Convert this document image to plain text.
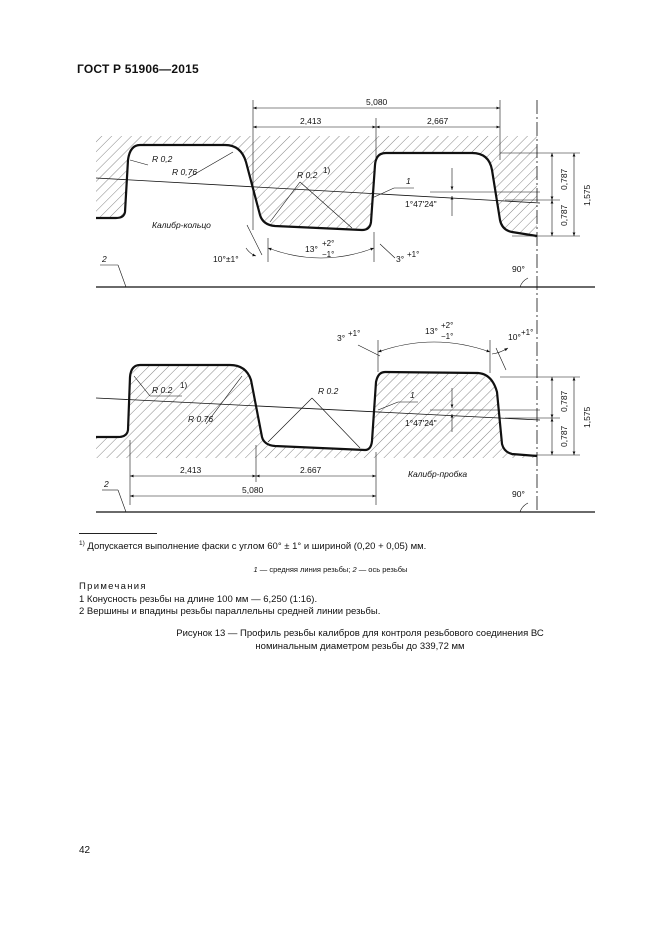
ГОСТ Р 51906—2015
5,080
2,413	2,667
R 0,2
R 0,76	R 0,2 1)
1
1°47'24"
0,787
0,787
1,575
Калибр-кольцо
10°±1°
13°
+2°
−1°	3° +1°
2
90°
3° +1°	13°
+2°
−1°	10° +1°
R 0.2 1)
R 0.76
R 0.2	1
1°47'24"
0,787
0,787
1,575
Калибр-пробка
2,413	2.667
5,080
2
90°
$^{1)}$ Допускается выполнение фаски с углом 60° ± 1° и шириной (0,20 + 0,05) мм.
1 — средняя линия резьбы; 2 — ось резьбы
Примечания
1 Конусность резьбы на длине 100 мм — 6,250 (1:16).
2 Вершины и впадины резьбы параллельны средней линии резьбы.
Рисунок 13 — Профиль резьбы калибров для контроля резьбового соединения ВС
номинальным диаметром резьбы до 339,72 мм
42
